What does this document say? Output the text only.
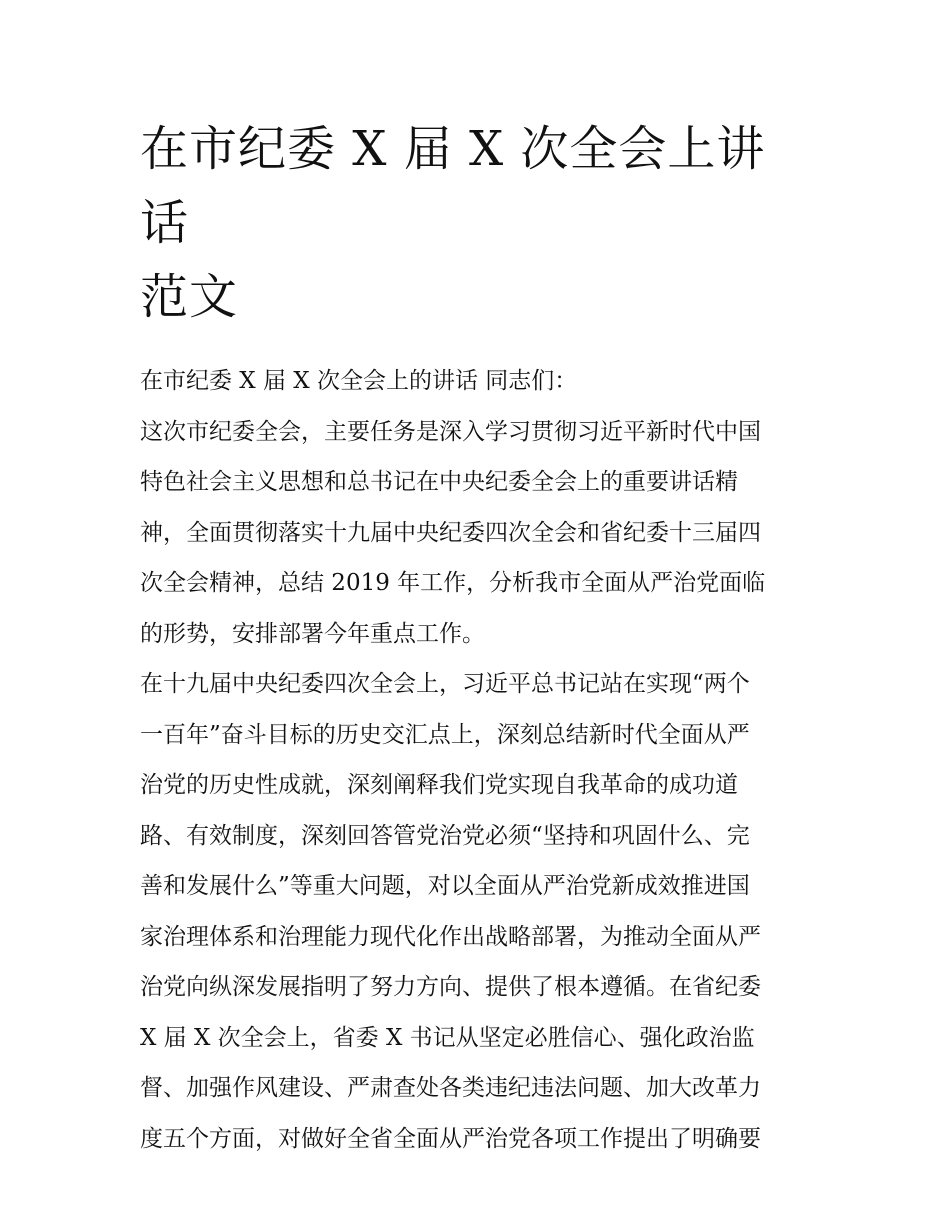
在市纪委 X 届 X 次全会上讲话
范文

在市纪委 X 届 X 次全会上的讲话 同志们：

这次市纪委全会，主要任务是深入学习贯彻习近平新时代中国
特色社会主义思想和总书记在中央纪委全会上的重要讲话精
神，全面贯彻落实十九届中央纪委四次全会和省纪委十三届四
次全会精神，总结 2019 年工作，分析我市全面从严治党面临
的形势，安排部署今年重点工作。

在十九届中央纪委四次全会上，习近平总书记站在实现“两个
一百年”奋斗目标的历史交汇点上，深刻总结新时代全面从严
治党的历史性成就，深刻阐释我们党实现自我革命的成功道
路、有效制度，深刻回答管党治党必须“坚持和巩固什么、完
善和发展什么”等重大问题，对以全面从严治党新成效推进国
家治理体系和治理能力现代化作出战略部署，为推动全面从严
治党向纵深发展指明了努力方向、提供了根本遵循。在省纪委
X 届 X 次全会上，省委 X 书记从坚定必胜信心、强化政治监
督、加强作风建设、严肃查处各类违纪违法问题、加大改革力
度五个方面，对做好全省全面从严治党各项工作提出了明确要
